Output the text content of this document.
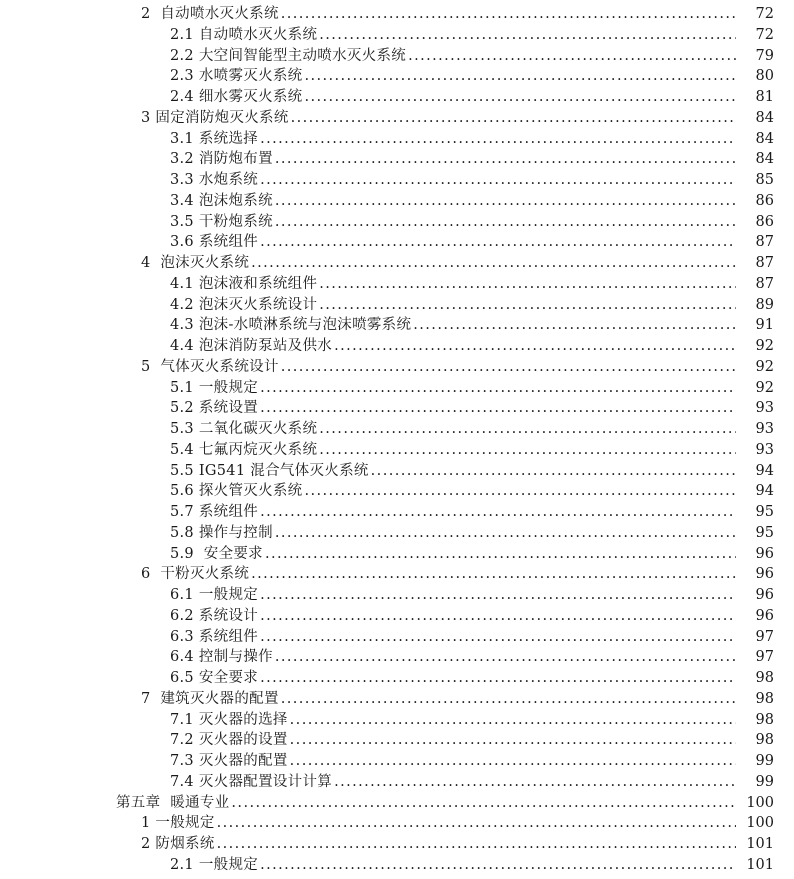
2  自动喷水灭火系统 .....	72
2.1 自动喷水灭火系统 .....	72
2.2 大空间智能型主动喷水灭火系统 .....	79
2.3 水喷雾灭火系统 .....	80
2.4 细水雾灭火系统 .....	81
3 固定消防炮灭火系统 .....	84
3.1 系统选择 .....	84
3.2 消防炮布置 .....	84
3.3 水炮系统 .....	85
3.4 泡沫炮系统 .....	86
3.5 干粉炮系统 .....	86
3.6 系统组件 .....	87
4  泡沫灭火系统 .....	87
4.1 泡沫液和系统组件 .....	87
4.2 泡沫灭火系统设计 .....	89
4.3 泡沫-水喷淋系统与泡沫喷雾系统 .....	91
4.4 泡沫消防泵站及供水 .....	92
5  气体灭火系统设计 .....	92
5.1 一般规定 .....	92
5.2 系统设置 .....	93
5.3 二氧化碳灭火系统 .....	93
5.4 七氟丙烷灭火系统 .....	93
5.5 IG541 混合气体灭火系统 .....	94
5.6 探火管灭火系统 .....	94
5.7 系统组件 .....	95
5.8 操作与控制 .....	95
5.9  安全要求 .....	96
6  干粉灭火系统 .....	96
6.1 一般规定 .....	96
6.2 系统设计 .....	96
6.3 系统组件 .....	97
6.4 控制与操作 .....	97
6.5 安全要求 .....	98
7  建筑灭火器的配置 .....	98
7.1 灭火器的选择 .....	98
7.2 灭火器的设置 .....	98
7.3 灭火器的配置 .....	99
7.4 灭火器配置设计计算 .....	99
第五章  暖通专业 .....	100
1 一般规定 .....	100
2 防烟系统 .....	101
2.1 一般规定 .....	101
